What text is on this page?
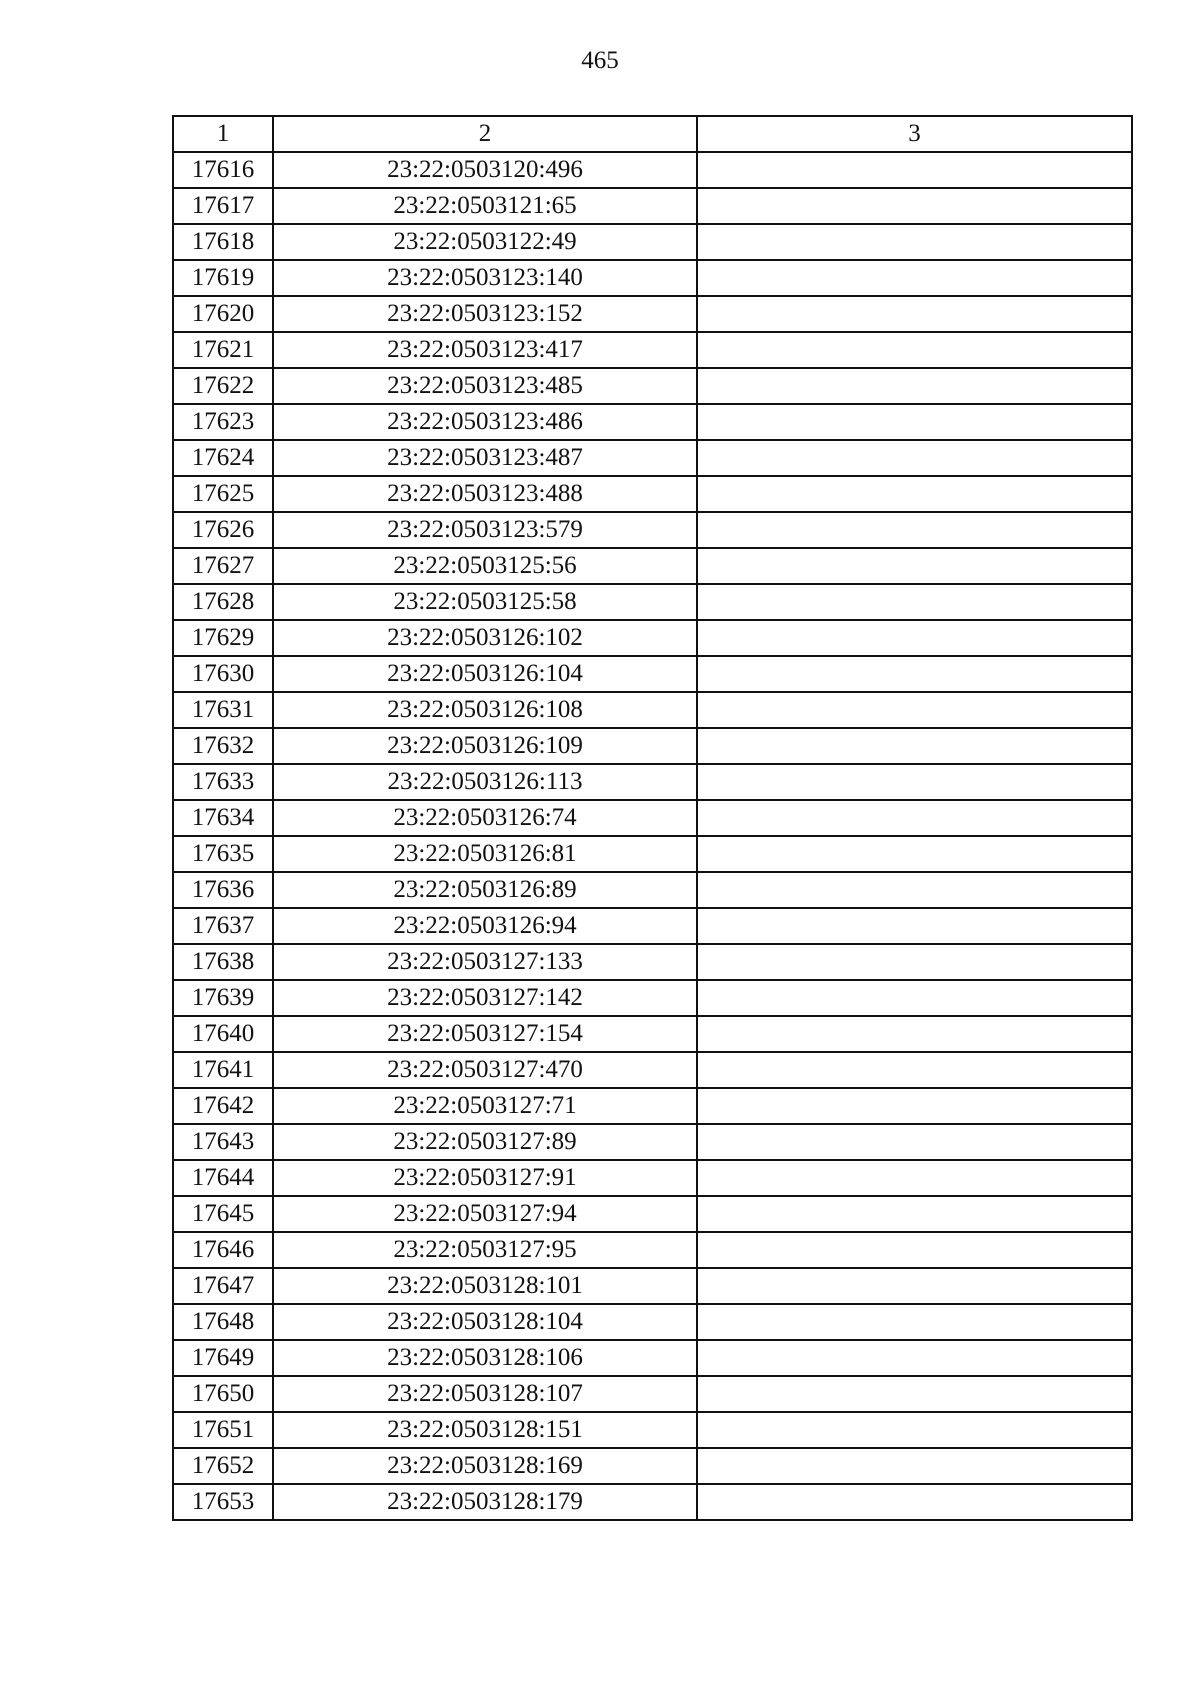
465
1	2	3
17616	23:22:0503120:496	
17617	23:22:0503121:65	
17618	23:22:0503122:49	
17619	23:22:0503123:140	
17620	23:22:0503123:152	
17621	23:22:0503123:417	
17622	23:22:0503123:485	
17623	23:22:0503123:486	
17624	23:22:0503123:487	
17625	23:22:0503123:488	
17626	23:22:0503123:579	
17627	23:22:0503125:56	
17628	23:22:0503125:58	
17629	23:22:0503126:102	
17630	23:22:0503126:104	
17631	23:22:0503126:108	
17632	23:22:0503126:109	
17633	23:22:0503126:113	
17634	23:22:0503126:74	
17635	23:22:0503126:81	
17636	23:22:0503126:89	
17637	23:22:0503126:94	
17638	23:22:0503127:133	
17639	23:22:0503127:142	
17640	23:22:0503127:154	
17641	23:22:0503127:470	
17642	23:22:0503127:71	
17643	23:22:0503127:89	
17644	23:22:0503127:91	
17645	23:22:0503127:94	
17646	23:22:0503127:95	
17647	23:22:0503128:101	
17648	23:22:0503128:104	
17649	23:22:0503128:106	
17650	23:22:0503128:107	
17651	23:22:0503128:151	
17652	23:22:0503128:169	
17653	23:22:0503128:179	
